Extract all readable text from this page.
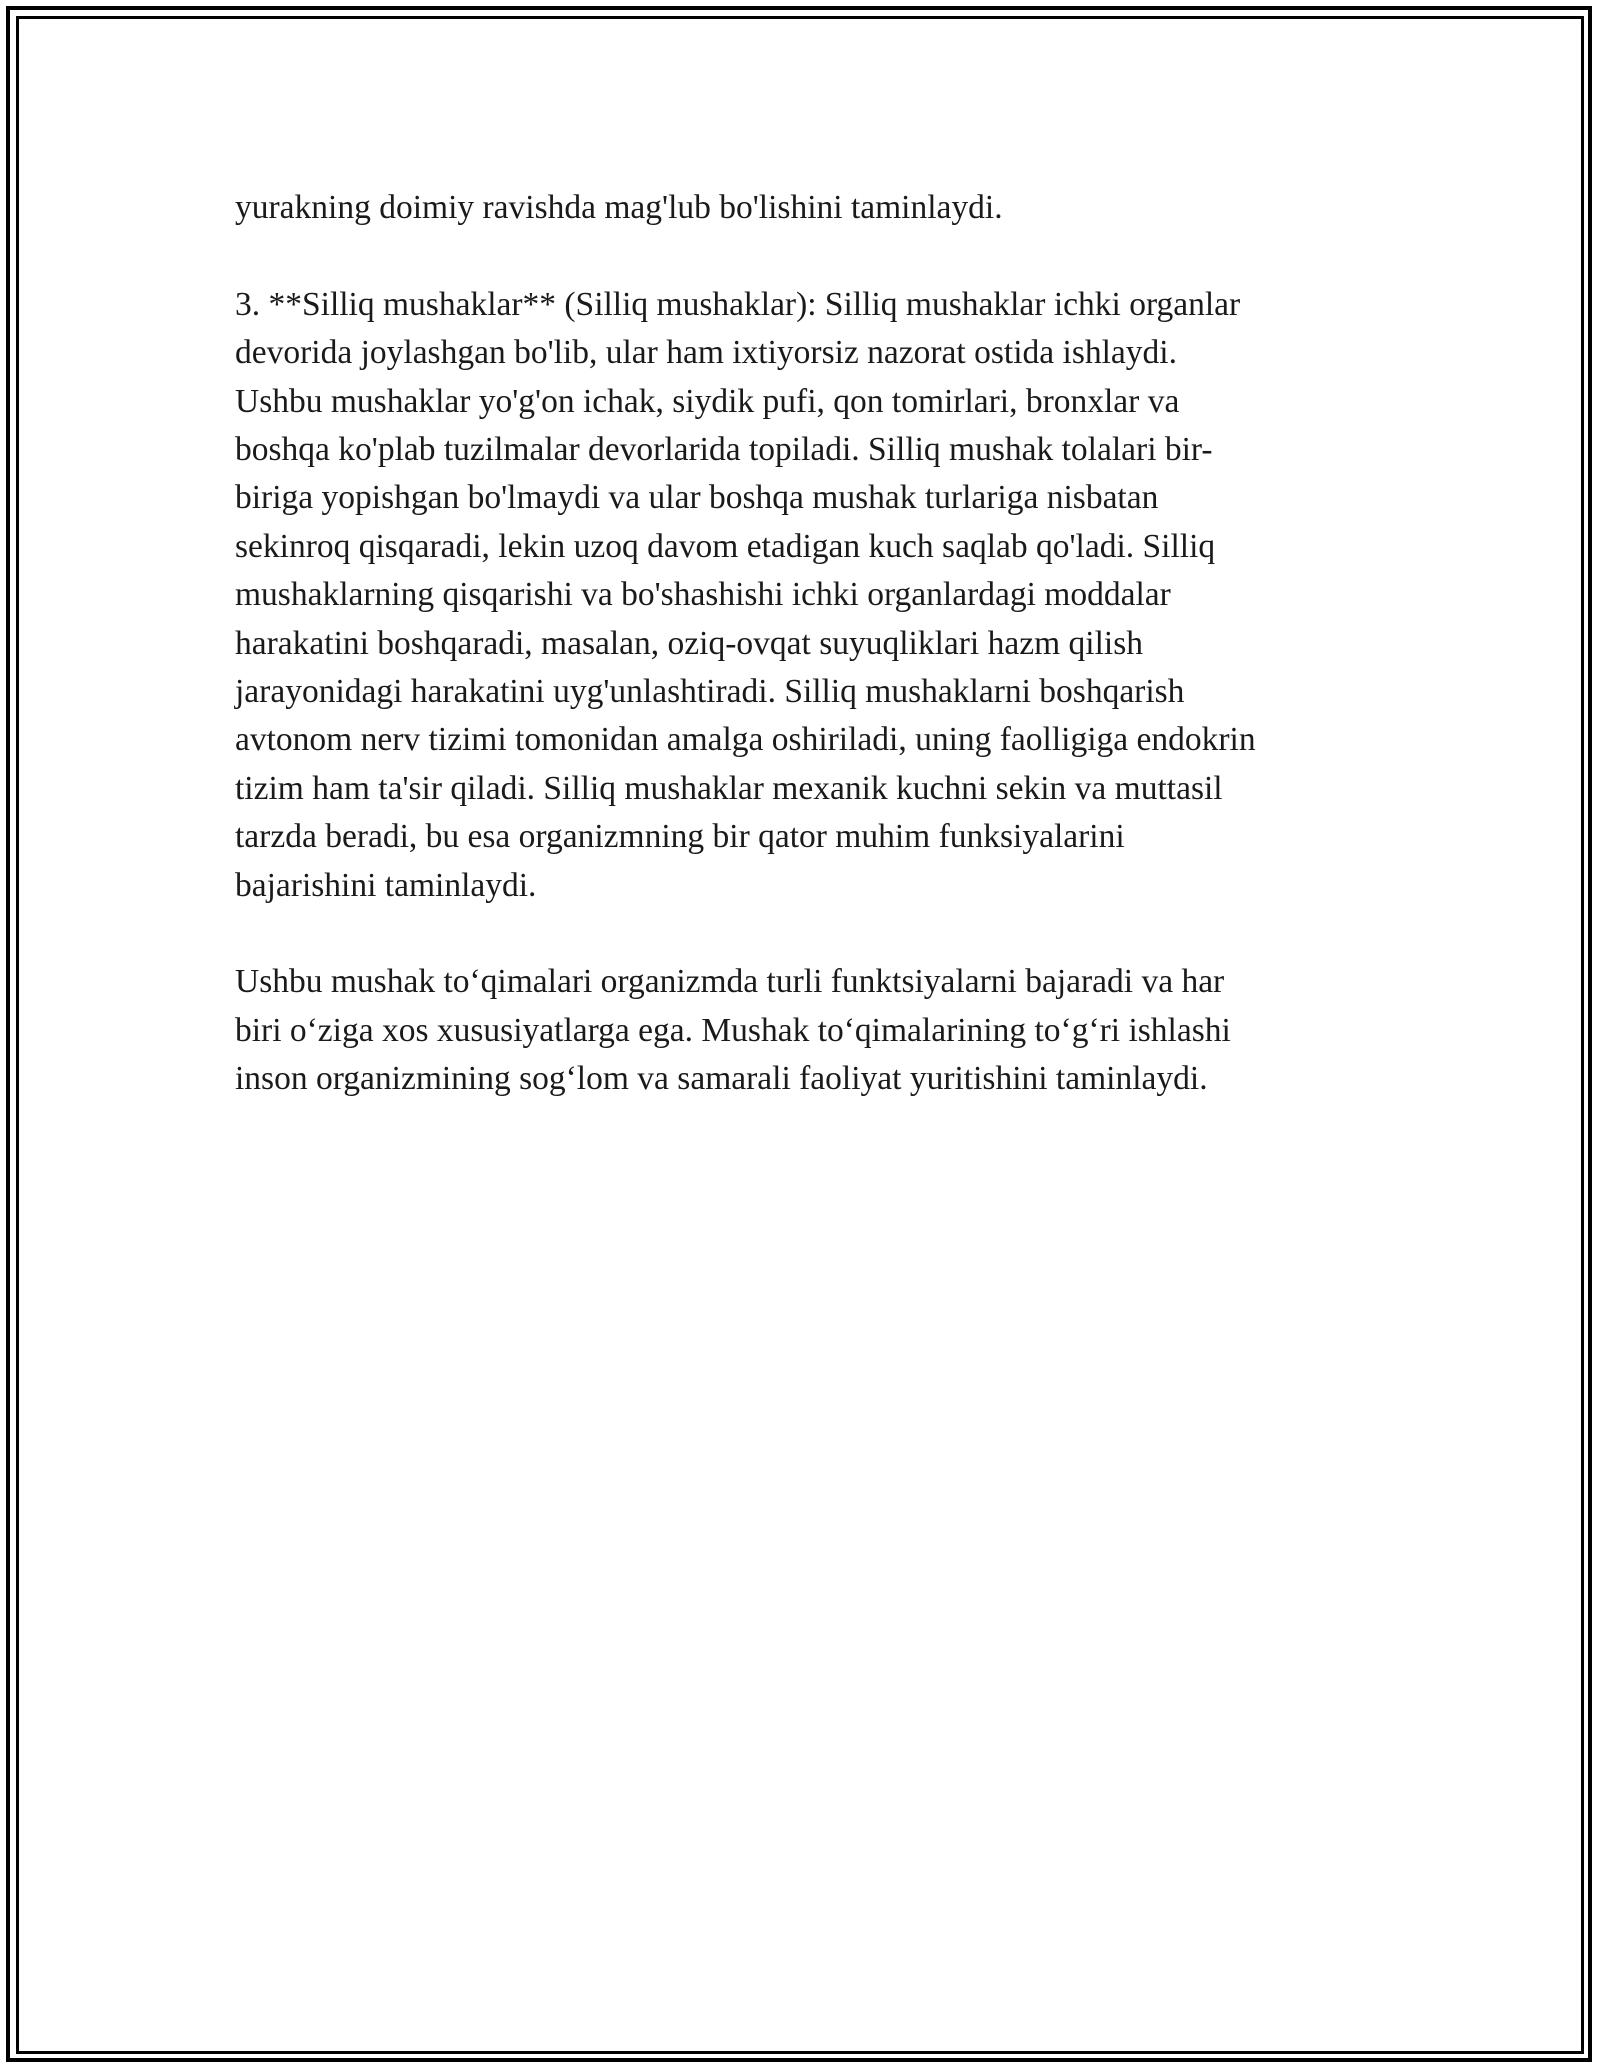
yurakning doimiy ravishda mag'lub bo'lishini taminlaydi.

3. **Silliq mushaklar** (Silliq mushaklar): Silliq mushaklar ichki organlar
devorida joylashgan bo'lib, ular ham ixtiyorsiz nazorat ostida ishlaydi.
Ushbu mushaklar yo'g'on ichak, siydik pufi, qon tomirlari, bronxlar va
boshqa ko'plab tuzilmalar devorlarida topiladi. Silliq mushak tolalari bir-
biriga yopishgan bo'lmaydi va ular boshqa mushak turlariga nisbatan
sekinroq qisqaradi, lekin uzoq davom etadigan kuch saqlab qo'ladi. Silliq
mushaklarning qisqarishi va bo'shashishi ichki organlardagi moddalar
harakatini boshqaradi, masalan, oziq-ovqat suyuqliklari hazm qilish
jarayonidagi harakatini uyg'unlashtiradi. Silliq mushaklarni boshqarish
avtonom nerv tizimi tomonidan amalga oshiriladi, uning faolligiga endokrin
tizim ham ta'sir qiladi. Silliq mushaklar mexanik kuchni sekin va muttasil
tarzda beradi, bu esa organizmning bir qator muhim funksiyalarini
bajarishini taminlaydi.

Ushbu mushak to‘qimalari organizmda turli funktsiyalarni bajaradi va har
biri o‘ziga xos xususiyatlarga ega. Mushak to‘qimalarining to‘g‘ri ishlashi
inson organizmining sog‘lom va samarali faoliyat yuritishini taminlaydi.
